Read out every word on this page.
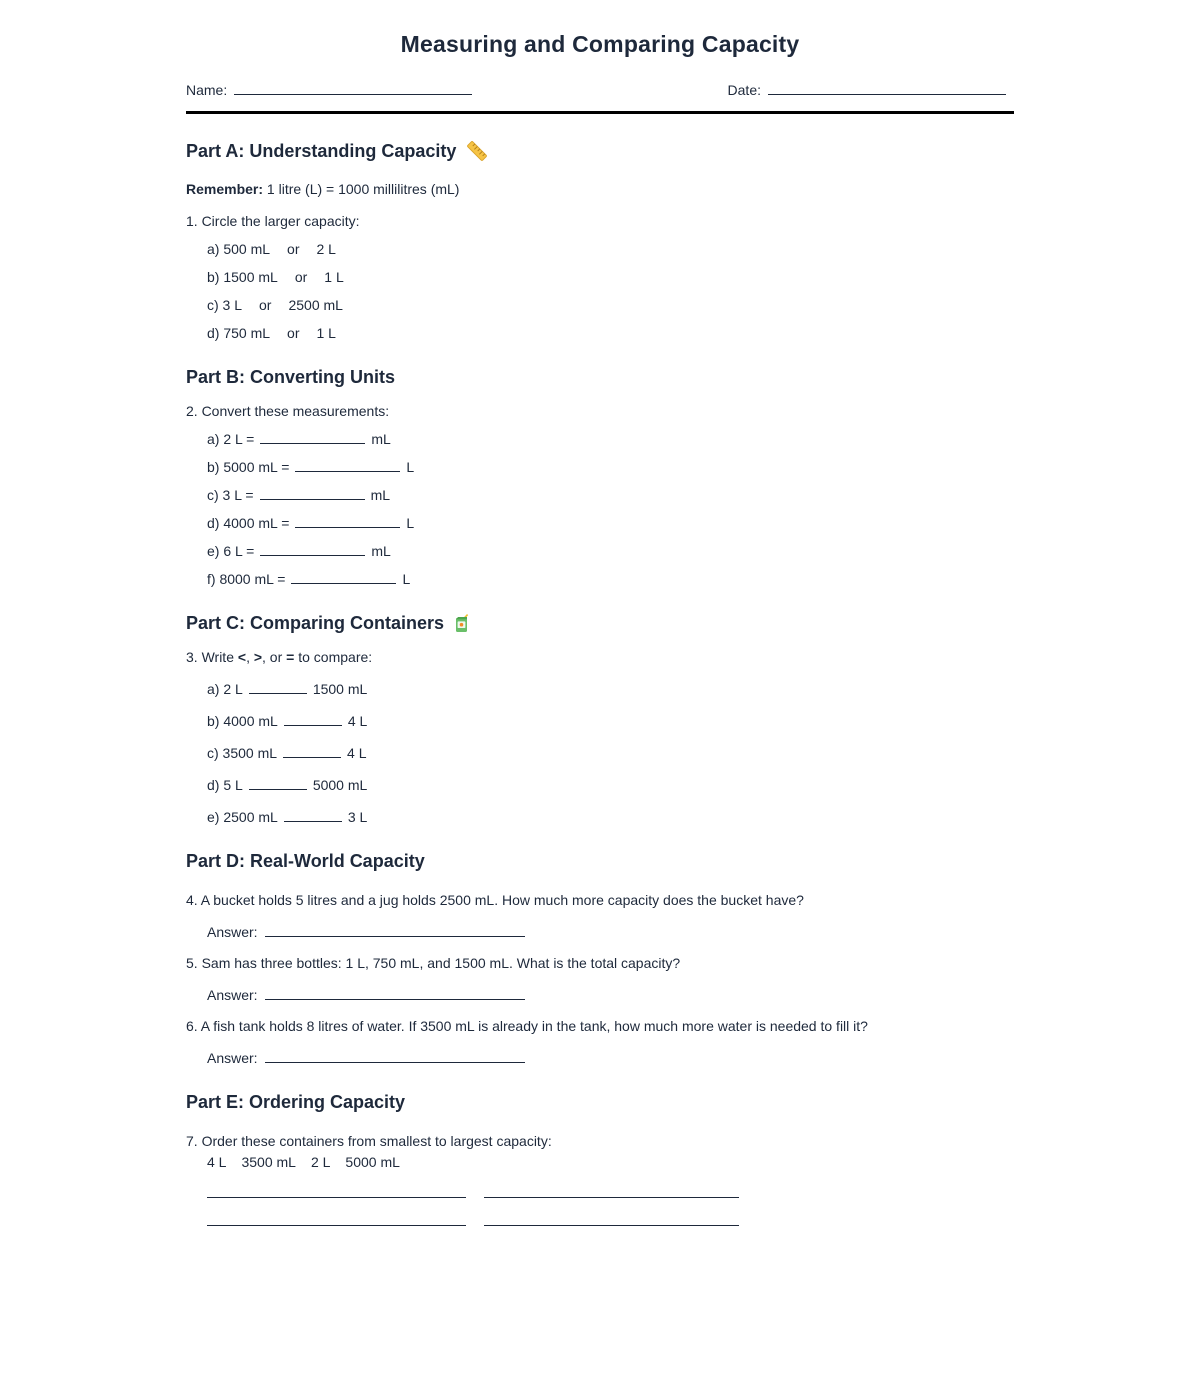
Measuring and Comparing Capacity
Name:	Date:
Part A: Understanding Capacity

Remember: 1 litre (L) = 1000 millilitres (mL)

1. Circle the larger capacity:

a) 500 mL or 2 L

b) 1500 mL or 1 L

c) 3 L or 2500 mL

d) 750 mL or 1 L

Part B: Converting Units

2. Convert these measurements:

a) 2 L =	mL

b) 5000 mL =	L

c) 3 L =	mL

d) 4000 mL =	L

e) 6 L =	mL

f) 8000 mL =	L

Part C: Comparing Containers

3. Write <, >, or = to compare:

a) 2 L	1500 mL

b) 4000 mL	4 L

c) 3500 mL	4 L

d) 5 L	5000 mL

e) 2500 mL	3 L

Part D: Real-World Capacity

4. A bucket holds 5 litres and a jug holds 2500 mL. How much more capacity does the bucket have?

Answer:

5. Sam has three bottles: 1 L, 750 mL, and 1500 mL. What is the total capacity?

Answer:

6. A fish tank holds 8 litres of water. If 3500 mL is already in the tank, how much more water is needed to fill it?

Answer:

Part E: Ordering Capacity

7. Order these containers from smallest to largest capacity:

4 L 3500 mL 2 L 5000 mL
